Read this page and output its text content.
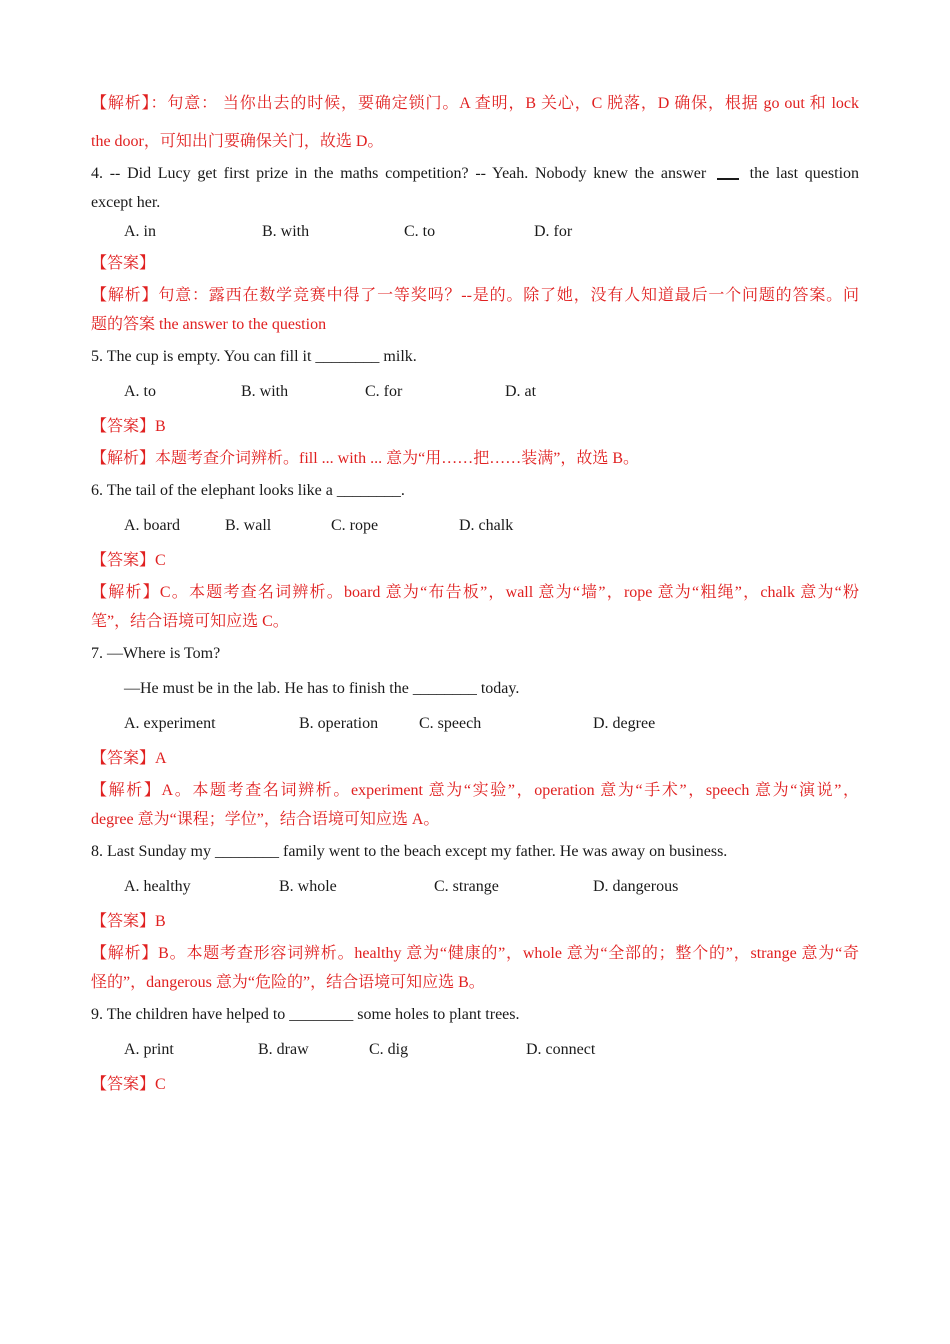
【解析】：句意： 当你出去的时候，要确定锁门。A 查明，B 关心，C 脱落，D 确保，根据 go out 和 lock
the door，可知出门要确保关门，故选 D。
4. -- Did Lucy get first prize in the maths competition? -- Yeah. Nobody knew the answer	the last question
except her.
A. in	B. with	C. to	D. for
【答案】
【解析】句意：露西在数学竞赛中得了一等奖吗？--是的。除了她，没有人知道最后一个问题的答案。问
题的答案 the answer to the question
5. The cup is empty. You can fill it ________ milk.
A. to	B. with	C. for	D. at
【答案】B
【解析】本题考查介词辨析。fill ... with ... 意为“用……把……装满”，故选 B。
6. The tail of the elephant looks like a ________.
A. board	B. wall	C. rope	D. chalk
【答案】C
【解析】C。本题考查名词辨析。board 意为“布告板”，wall 意为“墙”，rope 意为“粗绳”，chalk 意为“粉
笔”，结合语境可知应选 C。
7. —Where is Tom?
—He must be in the lab. He has to finish the ________ today.
A. experiment	B. operation	C. speech	D. degree
【答案】A
【解析】A。本题考查名词辨析。experiment 意为“实验”，operation 意为“手术”，speech 意为“演说”，
degree 意为“课程；学位”，结合语境可知应选 A。
8. Last Sunday my ________ family went to the beach except my father. He was away on business.
A. healthy	B. whole	C. strange	D. dangerous
【答案】B
【解析】B。本题考查形容词辨析。healthy 意为“健康的”，whole 意为“全部的；整个的”，strange 意为“奇
怪的”，dangerous 意为“危险的”，结合语境可知应选 B。
9. The children have helped to ________ some holes to plant trees.
A. print	B. draw	C. dig	D. connect
【答案】C
